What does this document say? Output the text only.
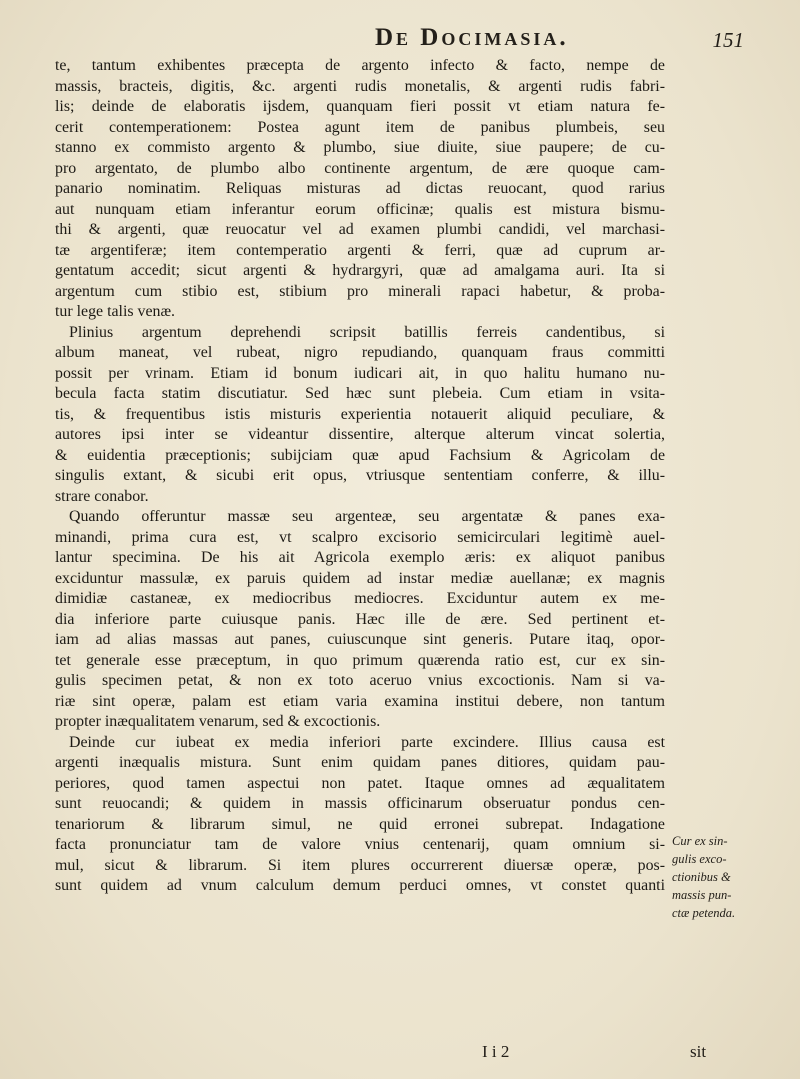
De Docimasia.	151
te, tantum exhibentes præcepta de argento infecto & facto, nempe de
massis, bracteis, digitis, &c. argenti rudis monetalis, & argenti rudis fabri-
lis; deinde de elaboratis ijsdem, quanquam fieri possit vt etiam natura fe-
cerit contemperationem: Postea agunt item de panibus plumbeis, seu
stanno ex commisto argento & plumbo, siue diuite, siue paupere; de cu-
pro argentato, de plumbo albo continente argentum, de ære quoque cam-
panario nominatim. Reliquas misturas ad dictas reuocant, quod rarius
aut nunquam etiam inferantur eorum officinæ; qualis est mistura bismu-
thi & argenti, quæ reuocatur vel ad examen plumbi candidi, vel marchasi-
tæ argentiferæ; item contemperatio argenti & ferri, quæ ad cuprum ar-
gentatum accedit; sicut argenti & hydrargyri, quæ ad amalgama auri. Ita si
argentum cum stibio est, stibium pro minerali rapaci habetur, & proba-
tur lege talis venæ.
Plinius argentum deprehendi scripsit batillis ferreis candentibus, si
album maneat, vel rubeat, nigro repudiando, quanquam fraus committi
possit per vrinam. Etiam id bonum iudicari ait, in quo halitu humano nu-
becula facta statim discutiatur. Sed hæc sunt plebeia. Cum etiam in vsita-
tis, & frequentibus istis misturis experientia notauerit aliquid peculiare, &
autores ipsi inter se videantur dissentire, alterque alterum vincat solertia,
& euidentia præceptionis; subijciam quæ apud Fachsium & Agricolam de
singulis extant, & sicubi erit opus, vtriusque sententiam conferre, & illu-
strare conabor.
Quando offeruntur massæ seu argenteæ, seu argentatæ & panes exa-
minandi, prima cura est, vt scalpro excisorio semicirculari legitimè auel-
lantur specimina. De his ait Agricola exemplo æris: ex aliquot panibus
exciduntur massulæ, ex paruis quidem ad instar mediæ auellanæ; ex magnis
dimidiæ castaneæ, ex mediocribus mediocres. Exciduntur autem ex me-
dia inferiore parte cuiusque panis. Hæc ille de ære. Sed pertinent et-
iam ad alias massas aut panes, cuiuscunque sint generis. Putare itaq, opor-
tet generale esse præceptum, in quo primum quærenda ratio est, cur ex sin-
gulis specimen petat, & non ex toto aceruo vnius excoctionis. Nam si va-
riæ sint operæ, palam est etiam varia examina institui debere, non tantum
propter inæqualitatem venarum, sed & excoctionis.
Deinde cur iubeat ex media inferiori parte excindere. Illius causa est
argenti inæqualis mistura. Sunt enim quidam panes ditiores, quidam pau-
periores, quod tamen aspectui non patet. Itaque omnes ad æqualitatem
sunt reuocandi; & quidem in massis officinarum obseruatur pondus cen-
tenariorum & librarum simul, ne quid erronei subrepat. Indagatione
facta pronunciatur tam de valore vnius centenarij, quam omnium si-
mul, sicut & librarum. Si item plures occurrerent diuersæ operæ, pos-
sunt quidem ad vnum calculum demum perduci omnes, vt constet quanti
Cur ex sin-
gulis exco-
ctionibus &
massis pun-
ctæ petenda.
I i 2	sit
